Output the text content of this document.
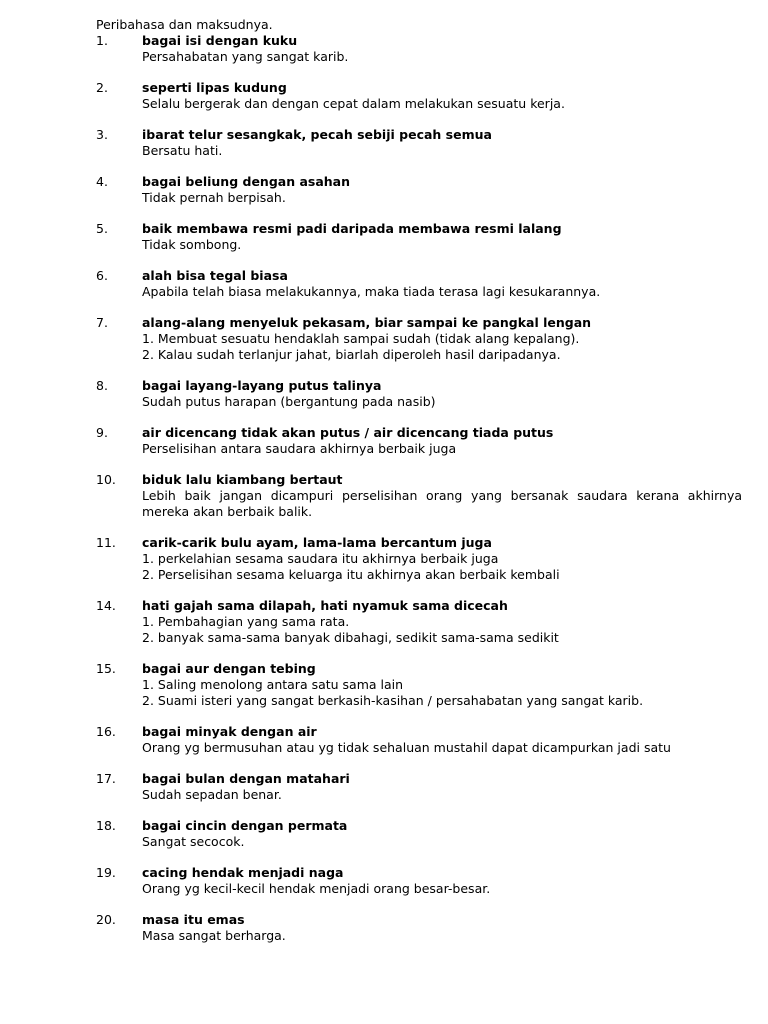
Peribahasa dan maksudnya.
1.	bagai isi dengan kuku
Persahabatan yang sangat karib.
2.	seperti lipas kudung
Selalu bergerak dan dengan cepat dalam melakukan sesuatu kerja.
3.	ibarat telur sesangkak, pecah sebiji pecah semua
Bersatu hati.
4.	bagai beliung dengan asahan
Tidak pernah berpisah.
5.	baik membawa resmi padi daripada membawa resmi lalang
Tidak sombong.
6.	alah bisa tegal biasa
Apabila telah biasa melakukannya, maka tiada terasa lagi kesukarannya.
7.	alang-alang menyeluk pekasam, biar sampai ke pangkal lengan
1. Membuat sesuatu hendaklah sampai sudah (tidak alang kepalang).
2. Kalau sudah terlanjur jahat, biarlah diperoleh hasil daripadanya.
8.	bagai layang-layang putus talinya
Sudah putus harapan (bergantung pada nasib)
9.	air dicencang tidak akan putus / air dicencang tiada putus
Perselisihan antara saudara akhirnya berbaik juga
10. biduk lalu kiambang bertaut
Lebih baik jangan dicampuri perselisihan orang yang bersanak saudara kerana akhirnya mereka akan berbaik balik.
11. carik-carik bulu ayam, lama-lama bercantum juga
1. perkelahian sesama saudara itu akhirnya berbaik juga
2. Perselisihan sesama keluarga itu akhirnya akan berbaik kembali
14. hati gajah sama dilapah, hati nyamuk sama dicecah
1. Pembahagian yang sama rata.
2. banyak sama-sama banyak dibahagi, sedikit sama-sama sedikit
15. bagai aur dengan tebing
1. Saling menolong antara satu sama lain
2. Suami isteri yang sangat berkasih-kasihan / persahabatan yang sangat karib.
16. bagai minyak dengan air
Orang yg bermusuhan atau yg tidak sehaluan mustahil dapat dicampurkan jadi satu
17. bagai bulan dengan matahari
Sudah sepadan benar.
18. bagai cincin dengan permata
Sangat secocok.
19. cacing hendak menjadi naga
Orang yg kecil-kecil hendak menjadi orang besar-besar.
20. masa itu emas
Masa sangat berharga.
